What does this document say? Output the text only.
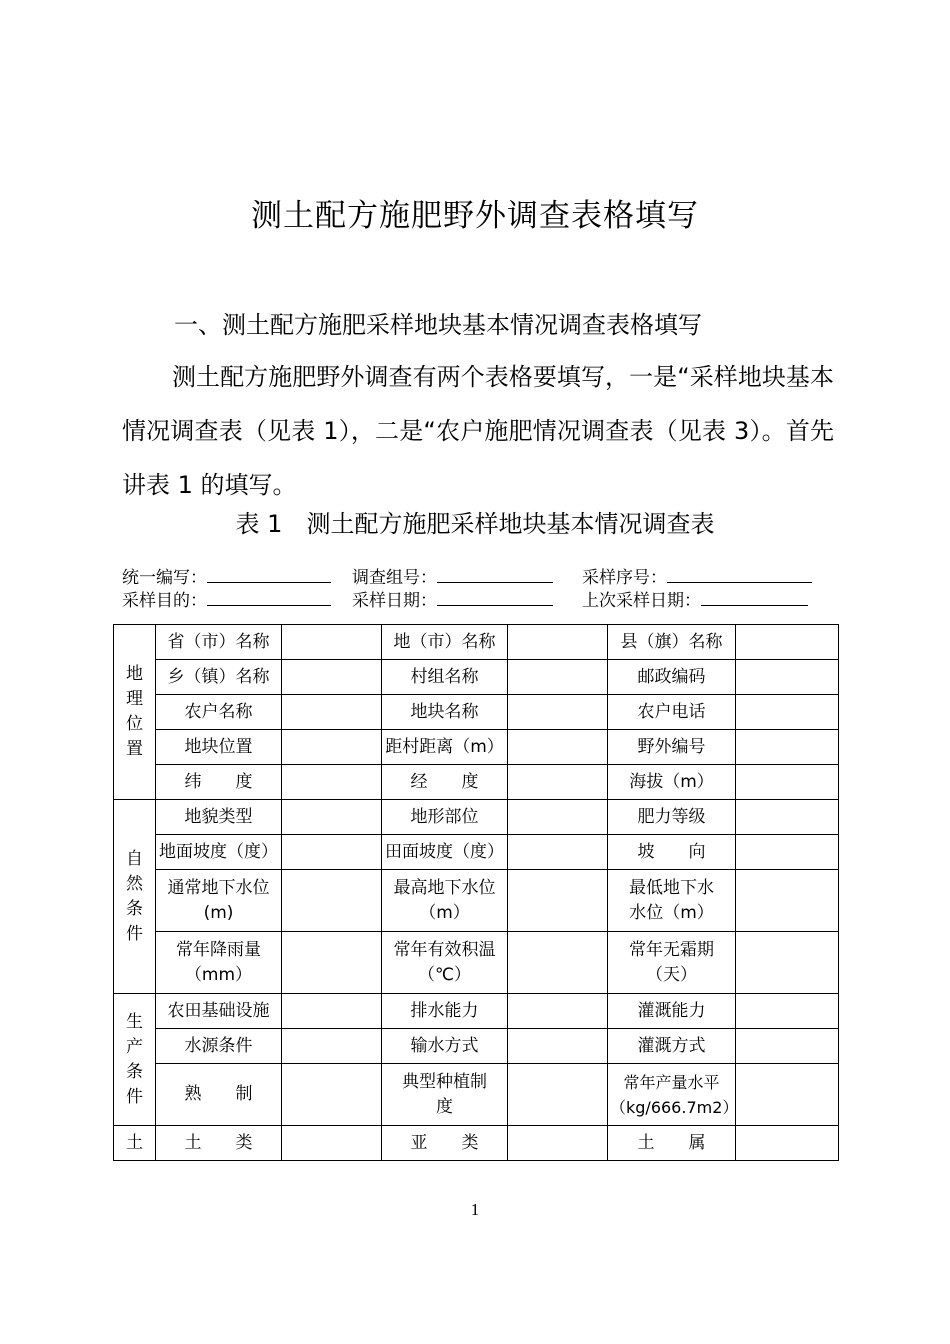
测土配方施肥野外调查表格填写
一、测土配方施肥采样地块基本情况调查表格填写
测土配方施肥野外调查有两个表格要填写，一是“采样地块基本情况调查表（见表 1），二是“农户施肥情况调查表（见表 3）。首先讲表 1 的填写。
表 1 测土配方施肥采样地块基本情况调查表
统一编写：
采样目的：
调查组号：
采样日期：
采样序号：
上次采样日期：
地理位置	省（市）名称		地（市）名称		县（旗）名称	
	乡（镇）名称		村组名称		邮政编码	
	农户名称		地块名称		农户电话	
	地块位置		距村距离（m）		野外编号	
	纬　　度		经　　度		海拔（m）	

自然条件	地貌类型		地形部位		肥力等级	
	地面坡度（度）		田面坡度（度）		坡　　向	

	通常地下水位(m)		最高地下水位（m）		最低地下水水位（m）	

	常年降雨量（mm）		常年有效积温（℃）		常年无霜期（天）	

生产条件	农田基础设施		排水能力		灌溉能力	
	水源条件		输水方式		灌溉方式	
	熟　　制		典型种植制　度		常年产量水平（kg/666.7m2）	

土	土　　类		亚　　类		土　　属	
1
